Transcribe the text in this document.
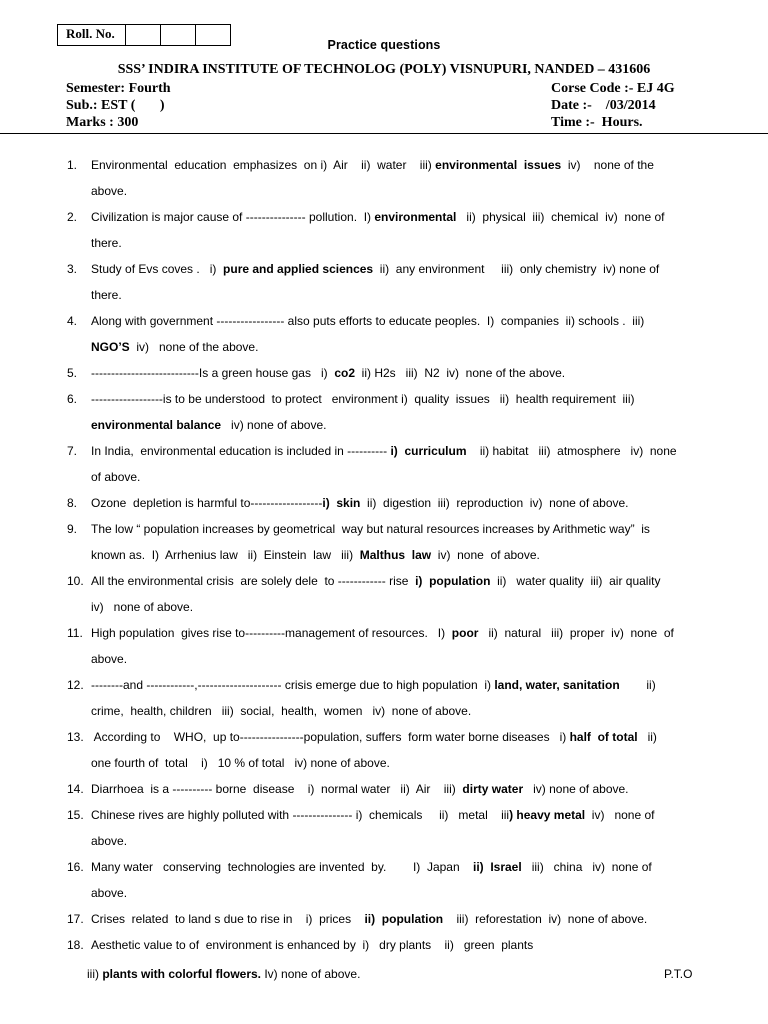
Roll. No.
Practice questions
SSS’ INDIRA INSTITUTE OF TECHNOLOG (POLY) VISNUPURI, NANDED – 431606
Semester: Fourth	Corse Code :- EJ 4G
Sub.: EST (       )	Date :-    /03/2014
Marks : 300	Time :-  Hours.
1. Environmental  education  emphasizes  on i)  Air    ii)  water    iii) environmental  issues  iv)    none of the
above.
2. Civilization is major cause of --------------- pollution.  I) environmental   ii)  physical  iii)  chemical  iv)  none of
there.
3. Study of Evs coves .   i)  pure and applied sciences  ii)  any environment     iii)  only chemistry  iv) none of
there.
4. Along with government ----------------- also puts efforts to educate peoples.  I)  companies  ii) schools .  iii)
NGO’S  iv)   none of the above.
5. ---------------------------Is a green house gas   i)  co2  ii) H2s   iii)  N2  iv)  none of the above.
6. ------------------is to be understood  to protect   environment i)  quality  issues   ii)  health requirement  iii)
environmental balance   iv) none of above.
7. In India,  environmental education is included in ---------- i)  curriculum    ii) habitat   iii)  atmosphere   iv)  none
of above.
8. Ozone  depletion is harmful to------------------i)  skin  ii)  digestion  iii)  reproduction  iv)  none of above.
9. The low “ population increases by geometrical  way but natural resources increases by Arithmetic way”  is
known as.  I)  Arrhenius law   ii)  Einstein  law   iii)  Malthus  law  iv)  none  of above.
10. All the environmental crisis  are solely dele  to ------------ rise  i)  population  ii)   water quality  iii)  air quality
iv)   none of above.
11. High population  gives rise to----------management of resources.   I)  poor   ii)  natural   iii)  proper  iv)  none  of
above.
12. --------and ------------,--------------------- crisis emerge due to high population  i) land, water, sanitation        ii)
crime,  health, children   iii)  social,  health,  women   iv)  none of above.
13. According to    WHO,  up to----------------population, suffers  form water borne diseases   i) half  of total   ii)
one fourth of  total    i)   10 % of total   iv) none of above.
14. Diarrhoea  is a ---------- borne  disease    i)  normal water   ii)  Air    iii)  dirty water   iv) none of above.
15. Chinese rives are highly polluted with --------------- i)  chemicals     ii)   metal    iii) heavy metal  iv)   none of
above.
16. Many water   conserving  technologies are invented  by.        I)  Japan    ii)  Israel   iii)   china   iv)  none of
above.
17. Crises  related  to land s due to rise in    i)  prices    ii)  population    iii)  reforestation  iv)  none of above.
18. Aesthetic value to of  environment is enhanced by  i)   dry plants    ii)   green  plants
iii) plants with colorful flowers. Iv) none of above.	P.T.O
